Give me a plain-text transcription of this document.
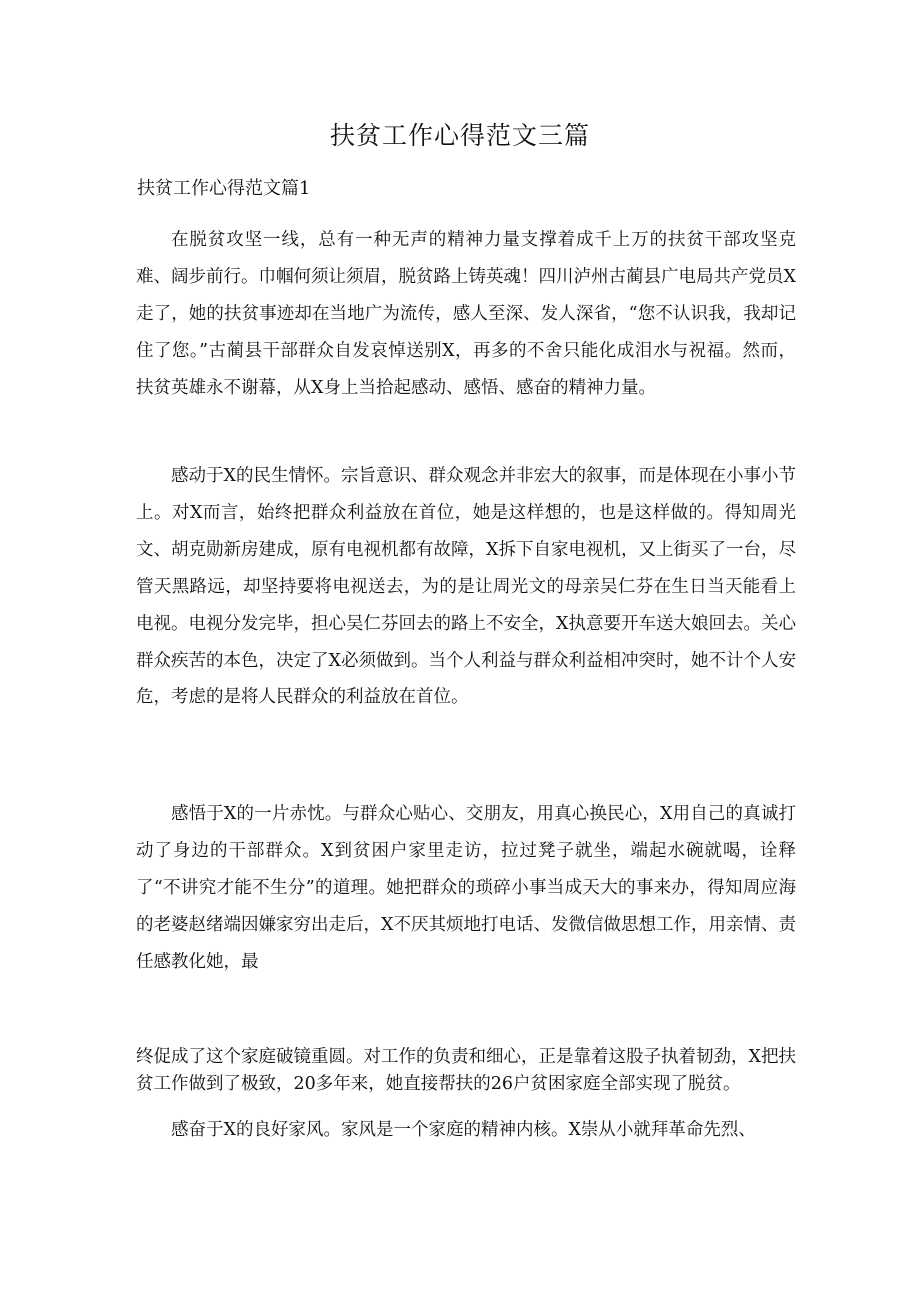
扶贫工作心得范文三篇
扶贫工作心得范文篇1

在脱贫攻坚一线，总有一种无声的精神力量支撑着成千上万的扶贫干部攻坚克难、阔步前行。巾帼何须让须眉，脱贫路上铸英魂！四川泸州古蔺县广电局共产党员X走了，她的扶贫事迹却在当地广为流传，感人至深、发人深省，“您不认识我，我却记住了您。”古蔺县干部群众自发哀悼送别X，再多的不舍只能化成泪水与祝福。然而，扶贫英雄永不谢幕，从X身上当拾起感动、感悟、感奋的精神力量。

感动于X的民生情怀。宗旨意识、群众观念并非宏大的叙事，而是体现在小事小节上。对X而言，始终把群众利益放在首位，她是这样想的，也是这样做的。得知周光文、胡克勋新房建成，原有电视机都有故障，X拆下自家电视机，又上街买了一台，尽管天黑路远，却坚持要将电视送去，为的是让周光文的母亲吴仁芬在生日当天能看上电视。电视分发完毕，担心吴仁芬回去的路上不安全，X执意要开车送大娘回去。关心群众疾苦的本色，决定了X必须做到。当个人利益与群众利益相冲突时，她不计个人安危，考虑的是将人民群众的利益放在首位。

感悟于X的一片赤忱。与群众心贴心、交朋友，用真心换民心，X用自己的真诚打动了身边的干部群众。X到贫困户家里走访，拉过凳子就坐，端起水碗就喝，诠释了“不讲究才能不生分”的道理。她把群众的琐碎小事当成天大的事来办，得知周应海的老婆赵绪端因嫌家穷出走后，X不厌其烦地打电话、发微信做思想工作，用亲情、责任感教化她，最

终促成了这个家庭破镜重圆。对工作的负责和细心，正是靠着这股子执着韧劲，X把扶贫工作做到了极致，20多年来，她直接帮扶的26户贫困家庭全部实现了脱贫。

感奋于X的良好家风。家风是一个家庭的精神内核。X崇从小就拜革命先烈、
